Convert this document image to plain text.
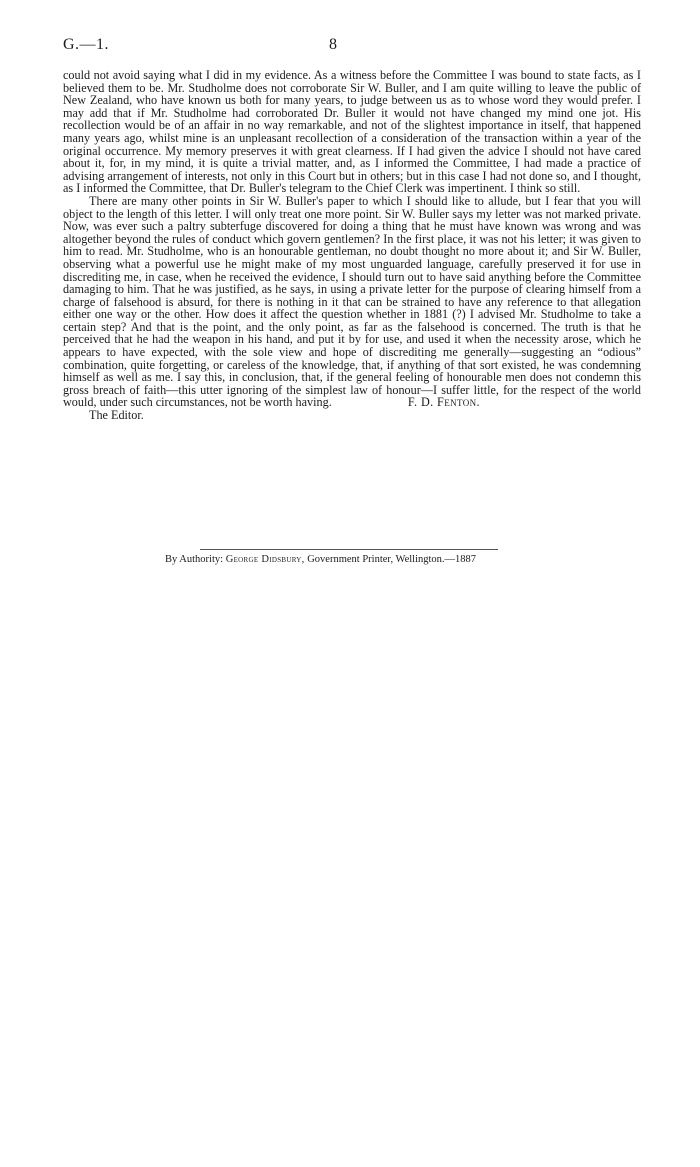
G.—1.	8

could not avoid saying what I did in my evidence. As a witness before the Committee I was bound to state facts, as I believed them to be. Mr. Studholme does not corroborate Sir W. Buller, and I am quite willing to leave the public of New Zealand, who have known us both for many years, to judge between us as to whose word they would prefer. I may add that if Mr. Studholme had corroborated Dr. Buller it would not have changed my mind one jot. His recollection would be of an affair in no way remarkable, and not of the slightest importance in itself, that happened many years ago, whilst mine is an unpleasant recollection of a consideration of the transaction within a year of the original occurrence. My memory preserves it with great clearness. If I had given the advice I should not have cared about it, for, in my mind, it is quite a trivial matter, and, as I informed the Committee, I had made a practice of advising arrangement of interests, not only in this Court but in others; but in this case I had not done so, and I thought, as I informed the Committee, that Dr. Buller's telegram to the Chief Clerk was impertinent. I think so still.

There are many other points in Sir W. Buller's paper to which I should like to allude, but I fear that you will object to the length of this letter. I will only treat one more point. Sir W. Buller says my letter was not marked private. Now, was ever such a paltry subterfuge discovered for doing a thing that he must have known was wrong and was altogether beyond the rules of conduct which govern gentlemen? In the first place, it was not his letter; it was given to him to read. Mr. Studholme, who is an honourable gentleman, no doubt thought no more about it; and Sir W. Buller, observing what a powerful use he might make of my most unguarded language, carefully preserved it for use in discrediting me, in case, when he received the evidence, I should turn out to have said anything before the Committee damaging to him. That he was justified, as he says, in using a private letter for the purpose of clearing himself from a charge of falsehood is absurd, for there is nothing in it that can be strained to have any reference to that allegation either one way or the other. How does it affect the question whether in 1881 (?) I advised Mr. Studholme to take a certain step? And that is the point, and the only point, as far as the falsehood is concerned. The truth is that he perceived that he had the weapon in his hand, and put it by for use, and used it when the necessity arose, which he appears to have expected, with the sole view and hope of discrediting me generally—suggesting an “odious” combination, quite forgetting, or careless of the knowledge, that, if anything of that sort existed, he was condemning himself as well as me. I say this, in conclusion, that, if the general feeling of honourable men does not condemn this gross breach of faith—this utter ignoring of the simplest law of honour—I suffer little, for the respect of the world would, under such circumstances, not be worth having.	F. D. Fenton.

The Editor.

By Authority: George Didsbury, Government Printer, Wellington.—1887
